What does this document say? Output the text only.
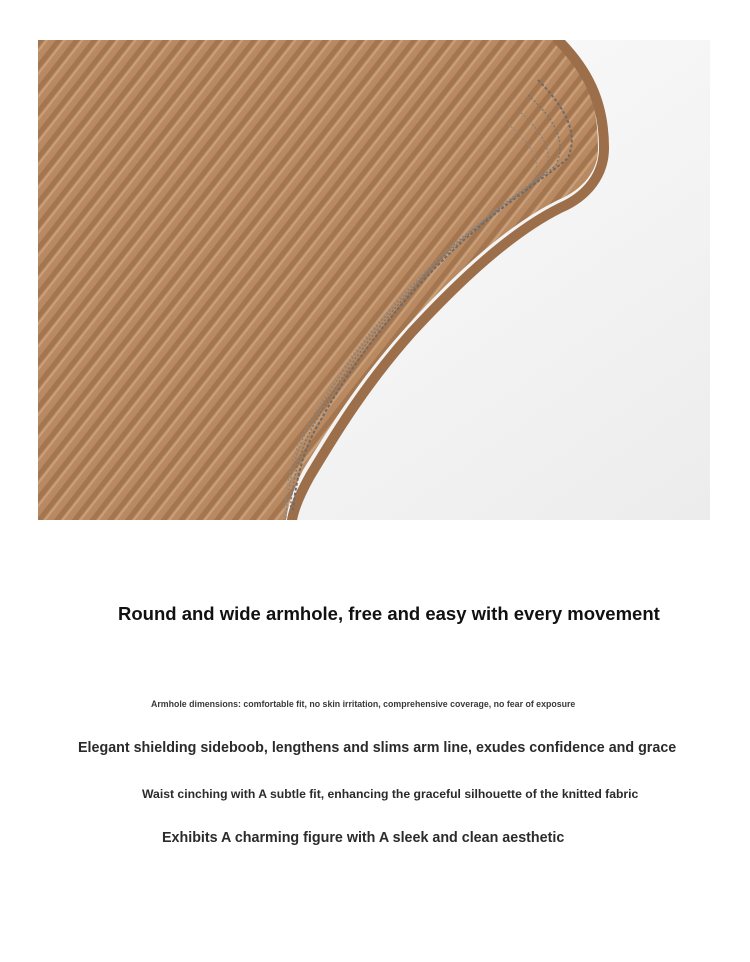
Round and wide armhole, free and easy with every movement
Armhole dimensions: comfortable fit, no skin irritation, comprehensive coverage, no fear of exposure
Elegant shielding sideboob, lengthens and slims arm line, exudes confidence and grace
Waist cinching with A subtle fit, enhancing the graceful silhouette of the knitted fabric
Exhibits A charming figure with A sleek and clean aesthetic
